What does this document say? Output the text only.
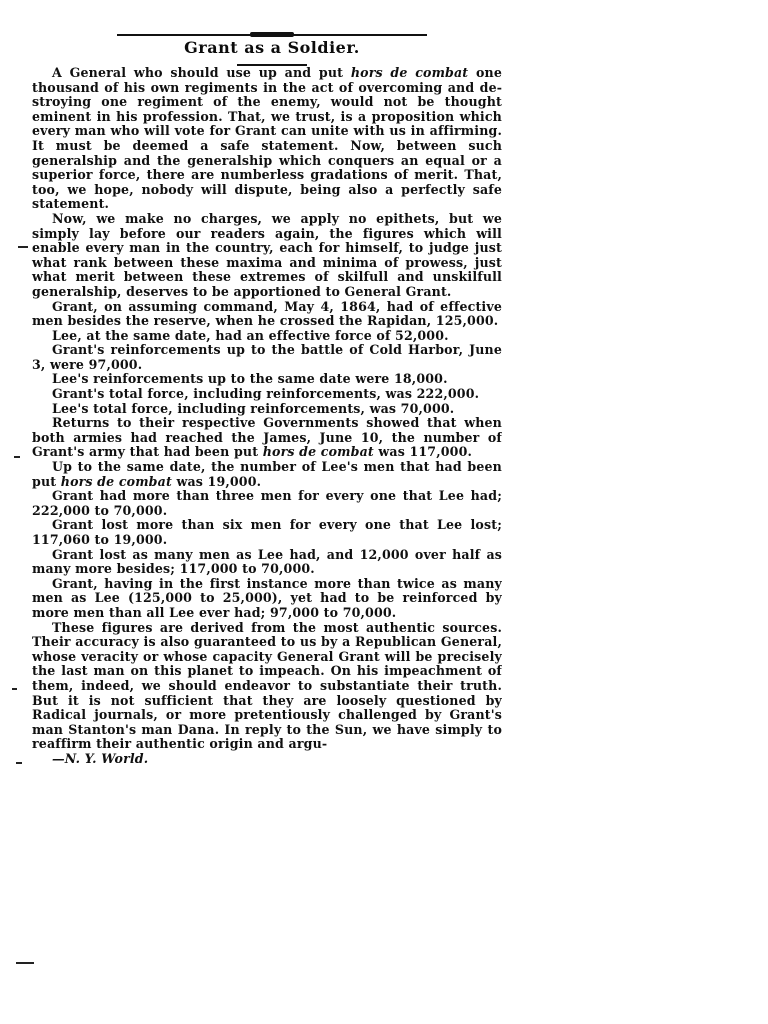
Grant as a Soldier.

A General who should use up and put hors de combat one thousand of his own regiments in the act of overcoming and destroying one regiment of the enemy, would not be thought eminent in his profession. That, we trust, is a proposition which every man who will vote for Grant can unite with us in affirming. It must be deemed a safe statement. Now, between such generalship and the generalship which conquers an equal or a superior force, there are numberless gradations of merit. That, too, we hope, nobody will dispute, being also a perfectly safe statement.

Now, we make no charges, we apply no epithets, but we simply lay before our readers again, the figures which will enable every man in the country, each for himself, to judge just what rank between these maxima and minima of prowess, just what merit between these extremes of skilfull and unskilfull generalship, deserves to be apportioned to General Grant.

Grant, on assuming command, May 4, 1864, had of effective men besides the reserve, when he crossed the Rapidan, 125,000.

Lee, at the same date, had an effective force of 52,000.

Grant's reinforcements up to the battle of Cold Harbor, June 3, were 97,000.

Lee's reinforcements up to the same date were 18,000.

Grant's total force, including reinforcements, was 222,000.

Lee's total force, including reinforcements, was 70,000.

Returns to their respective Governments showed that when both armies had reached the James, June 10, the number of Grant's army that had been put hors de combat was 117,000.

Up to the same date, the number of Lee's men that had been put hors de combat was 19,000.

Grant had more than three men for every one that Lee had; 222,000 to 70,000.

Grant lost more than six men for every one that Lee lost; 117,060 to 19,000.

Grant lost as many men as Lee had, and 12,000 over half as many more besides; 117,000 to 70,000.

Grant, having in the first instance more than twice as many men as Lee (125,000 to 25,000), yet had to be reinforced by more men than all Lee ever had; 97,000 to 70,000.

These figures are derived from the most authentic sources. Their accuracy is also guaranteed to us by a Republican General, whose veracity or whose capacity General Grant will be precisely the last man on this planet to impeach. On his impeachment of them, indeed, we should endeavor to substantiate their truth. But it is not sufficient that they are loosely questioned by Radical journals, or more pretentiously challenged by Grant's man Stanton's man Dana. In reply to the Sun, we have simply to reaffirm their authentic origin and argu-

—N. Y. World.
